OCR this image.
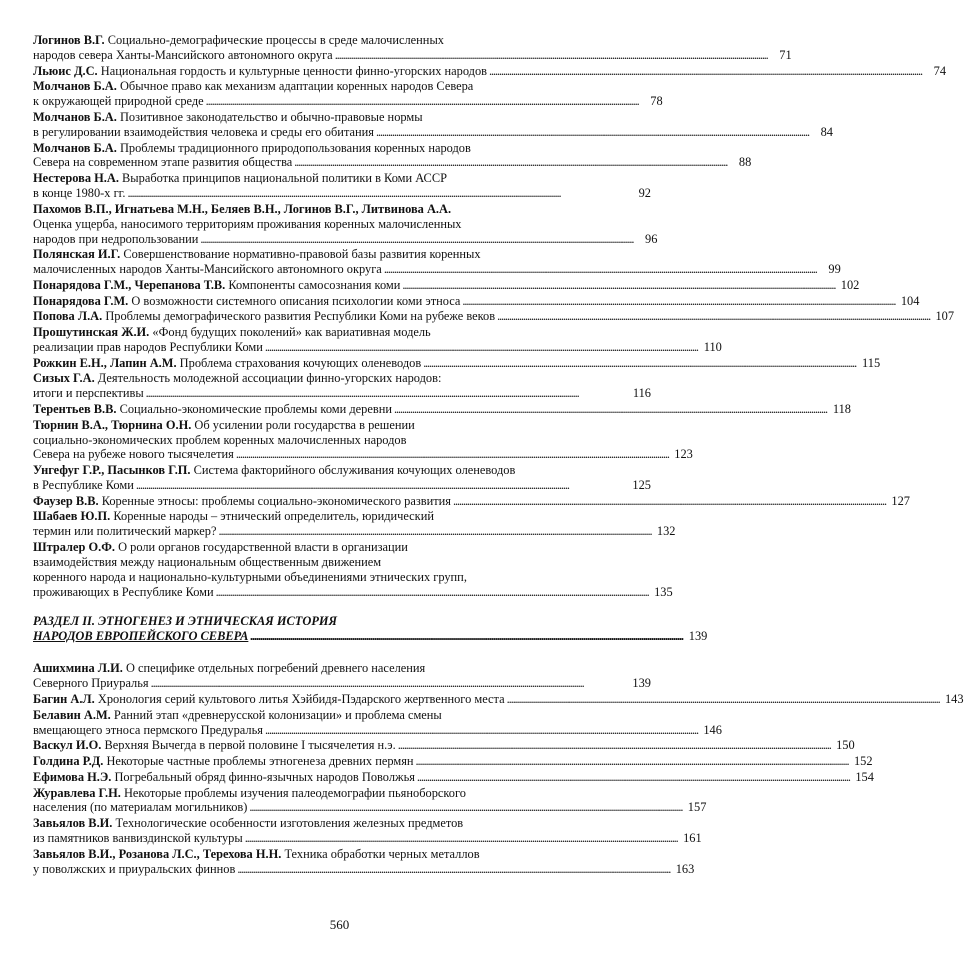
Логинов В.Г. Социально-демографические процессы в среде малочисленных
народов севера Ханты-Мансийского автономного округа . . .	71
Льюис Д.С. Национальная гордость и культурные ценности финно-угорских народов . . .	74
Молчанов Б.А. Обычное право как механизм адаптации коренных народов Севера
к окружающей природной среде . . .	78
Молчанов Б.А. Позитивное законодательство и обычно-правовые нормы
в регулировании взаимодействия человека и среды его обитания . . .	84
Молчанов Б.А. Проблемы традиционного природопользования коренных народов
Севера на современном этапе развития общества . . .	88
Нестерова Н.А. Выработка принципов национальной политики в Коми АССР
в конце 1980-х гг. . . .	92
Пахомов В.П., Игнатьева М.Н., Беляев В.Н., Логинов В.Г., Литвинова А.А.
Оценка ущерба, наносимого территориям проживания коренных малочисленных
народов при недропользовании . . .	96
Полянская И.Г. Совершенствование нормативно-правовой базы развития коренных
малочисленных народов Ханты-Мансийского автономного округа . . .	99
Понарядова Г.М., Черепанова Т.В. Компоненты самосознания коми . . .	102
Понарядова Г.М. О возможности системного описания психологии коми этноса . . .	104
Попова Л.А. Проблемы демографического развития Республики Коми на рубеже веков . . .	107
Прошутинская Ж.И. «Фонд будущих поколений» как вариативная модель
реализации прав народов Республики Коми . . .	110
Рожкин Е.Н., Лапин А.М. Проблема страхования кочующих оленеводов . . .	115
Сизых Г.А. Деятельность молодежной ассоциации финно-угорских народов:
итоги и перспективы . . .	116
Терентьев В.В. Социально-экономические проблемы коми деревни . . .	118
Тюрнин В.А., Тюрнина О.Н. Об усилении роли государства в решении
социально-экономических проблем коренных малочисленных народов
Севера на рубеже нового тысячелетия . . .	123
Унгефуг Г.Р., Пасынков Г.П. Система факторийного обслуживания кочующих оленеводов
в Республике Коми . . .	125
Фаузер В.В. Коренные этносы: проблемы социально-экономического развития . . .	127
Шабаев Ю.П. Коренные народы – этнический определитель, юридический
термин или политический маркер? . . .	132
Штралер О.Ф. О роли органов государственной власти в организации
взаимодействия между национальным общественным движением
коренного народа и национально-культурными объединениями этнических групп,
проживающих в Республике Коми . . .	135
РАЗДЕЛ II. ЭТНОГЕНЕЗ И ЭТНИЧЕСКАЯ ИСТОРИЯ
НАРОДОВ ЕВРОПЕЙСКОГО СЕВЕРА . . .	139
Ашихмина Л.И. О специфике отдельных погребений древнего населения
Северного Приуралья . . .	139
Багин А.Л. Хронология серий культового литья Хэйбидя-Пэдарского жертвенного места . . .	143
Белавин А.М. Ранний этап «древнерусской колонизации» и проблема смены
вмещающего этноса пермского Предуралья . . .	146
Васкул И.О. Верхняя Вычегда в первой половине I тысячелетия н.э. . . .	150
Голдина Р.Д. Некоторые частные проблемы этногенеза древних пермян . . .	152
Ефимова Н.Э. Погребальный обряд финно-язычных народов Поволжья . . .	154
Журавлева Г.Н. Некоторые проблемы изучения палеодемографии пьяноборского
населения (по материалам могильников) . . .	157
Завьялов В.И. Технологические особенности изготовления железных предметов
из памятников ванвиздинской культуры . . .	161
Завьялов В.И., Розанова Л.С., Терехова Н.Н. Техника обработки черных металлов
у поволжских и приуральских финнов . . .	163
560
